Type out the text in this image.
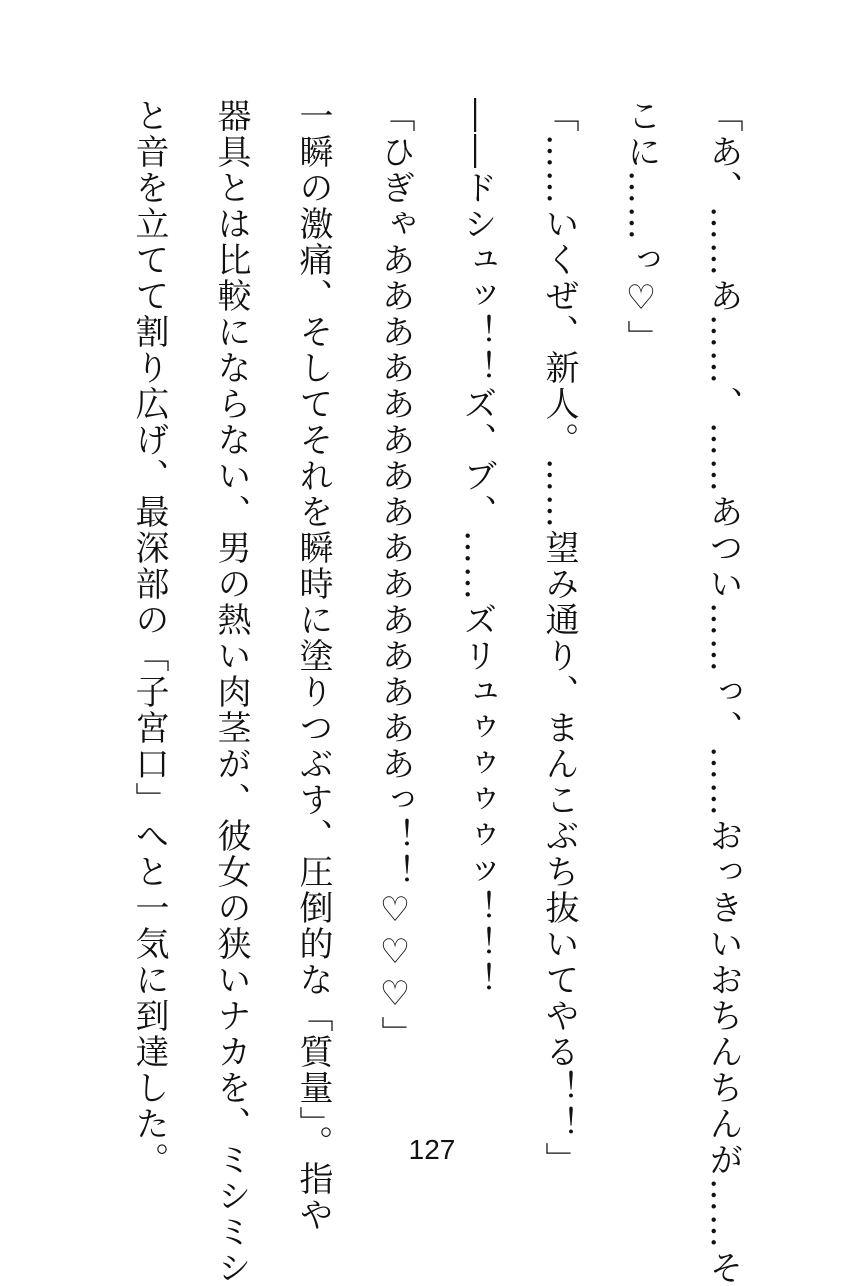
「あ、……あ……、……あつい……っ、……おっきいおちんちんが……そ

こに……っ♡」

「……いくぜ、新人。……望み通り、まんこぶち抜いてやる！！」

――ドシュッ！！ズ、ブ、……ズリュゥゥゥゥッ！！！

「ひぎゃあああああああああああああああっ！！♡♡♡」

一瞬の激痛、そしてそれを瞬時に塗りつぶす、圧倒的な「質量」。指や

器具とは比較にならない、男の熱い肉茎が、彼女の狭いナカを、ミシミシ

と音を立てて割り広げ、最深部の「子宮口」へと一気に到達した。	127
